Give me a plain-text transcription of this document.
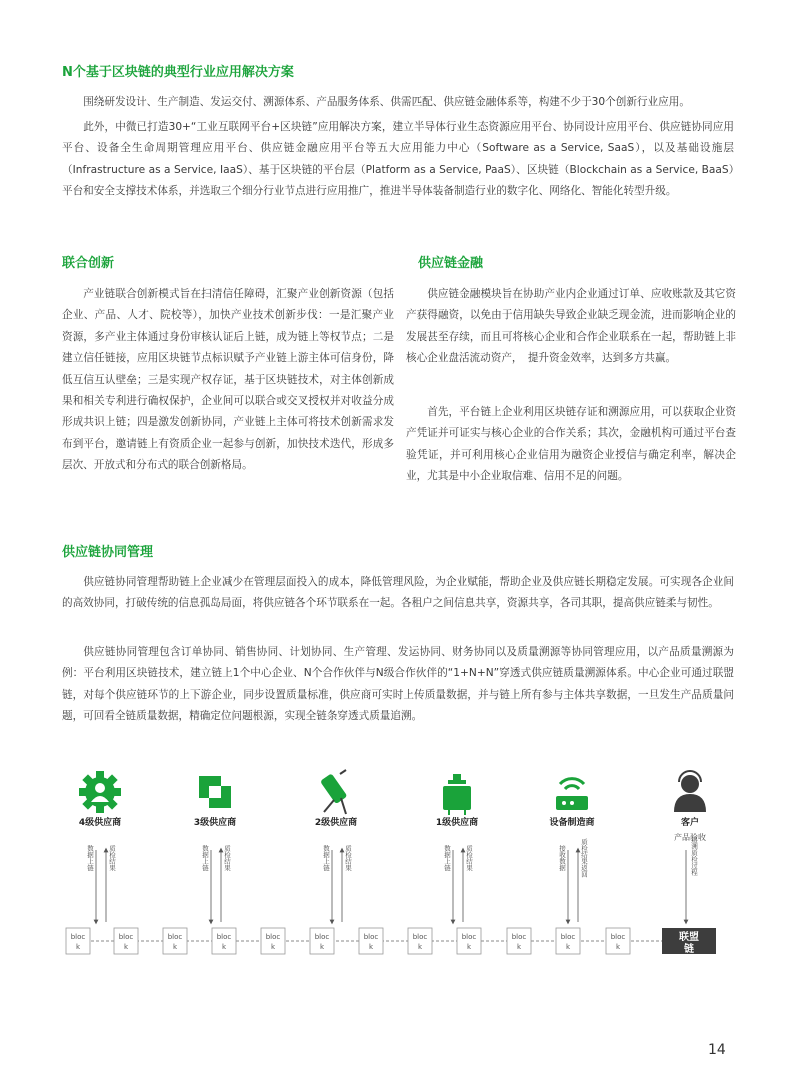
N个基于区块链的典型行业应用解决方案

围绕研发设计、生产制造、发运交付、溯源体系、产品服务体系、供需匹配、供应链金融体系等，构建不少于30个创新行业应用。

此外，中微已打造30+“工业互联网平台+区块链”应用解决方案，建立半导体行业生态资源应用平台、协同设计应用平台、供应链协同应用平台、设备全生命周期管理应用平台、供应链金融应用平台等五大应用能力中心（Software as a Service, SaaS），以及基础设施层（Infrastructure as a Service, IaaS）、基于区块链的平台层（Platform as a Service, PaaS）、区块链（Blockchain as a Service, BaaS）平台和安全支撑技术体系，并选取三个细分行业节点进行应用推广，推进半导体装备制造行业的数字化、网络化、智能化转型升级。

联合创新

产业链联合创新模式旨在扫清信任障碍，汇聚产业创新资源（包括企业、产品、人才、院校等），加快产业技术创新步伐：一是汇聚产业资源，多产业主体通过身份审核认证后上链，成为链上等权节点；二是建立信任链接，应用区块链节点标识赋予产业链上游主体可信身份，降低互信互认壁垒；三是实现产权存证，基于区块链技术，对主体创新成果和相关专利进行确权保护，企业间可以联合或交叉授权并对收益分成形成共识上链；四是激发创新协同，产业链上主体可将技术创新需求发布到平台，邀请链上有资质企业一起参与创新，加快技术迭代，形成多层次、开放式和分布式的联合创新格局。

供应链金融

供应链金融模块旨在协助产业内企业通过订单、应收账款及其它资产获得融资，以免由于信用缺失导致企业缺乏现金流，进而影响企业的发展甚至存续，而且可将核心企业和合作企业联系在一起，帮助链上非核心企业盘活流动资产，　提升资金效率，达到多方共赢。

首先，平台链上企业利用区块链存证和溯源应用，可以获取企业资产凭证并可证实与核心企业的合作关系；其次，金融机构可通过平台查验凭证，并可利用核心企业信用为融资企业授信与确定利率，解决企业，尤其是中小企业取信难、信用不足的问题。

供应链协同管理

供应链协同管理帮助链上企业减少在管理层面投入的成本，降低管理风险，为企业赋能，帮助企业及供应链长期稳定发展。可实现各企业间的高效协同，打破传统的信息孤岛局面，将供应链各个环节联系在一起。各租户之间信息共享，资源共享，各司其职，提高供应链柔与韧性。

供应链协同管理包含订单协同、销售协同、计划协同、生产管理、发运协同、财务协同以及质量溯源等协同管理应用，以产品质量溯源为例：平台利用区块链技术，建立链上1个中心企业、N个合作伙伴与N级合作伙伴的“1+N+N”穿透式供应链质量溯源体系。中心企业可通过联盟链，对每个供应链环节的上下游企业，同步设置质量标准，供应商可实时上传质量数据，并与链上所有参与主体共享数据，一旦发生产品质量问题，可回看全链质量数据，精确定位问题根源，实现全链条穿透式质量追溯。

4级供应商	3级供应商	2级供应商	1级供应商	设备制造商	客户
产品验收
数据上链 质检结果	数据上链 质检结果	数据上链 质检结果	数据上链 质检结果	接收数据 质检结果返回	追溯质检过程
bloc
k
bloc
k
bloc
k
bloc
k
bloc
k
bloc
k
bloc
k
bloc
k
bloc
k
bloc
k
bloc
k
bloc
k
联盟
链
14
